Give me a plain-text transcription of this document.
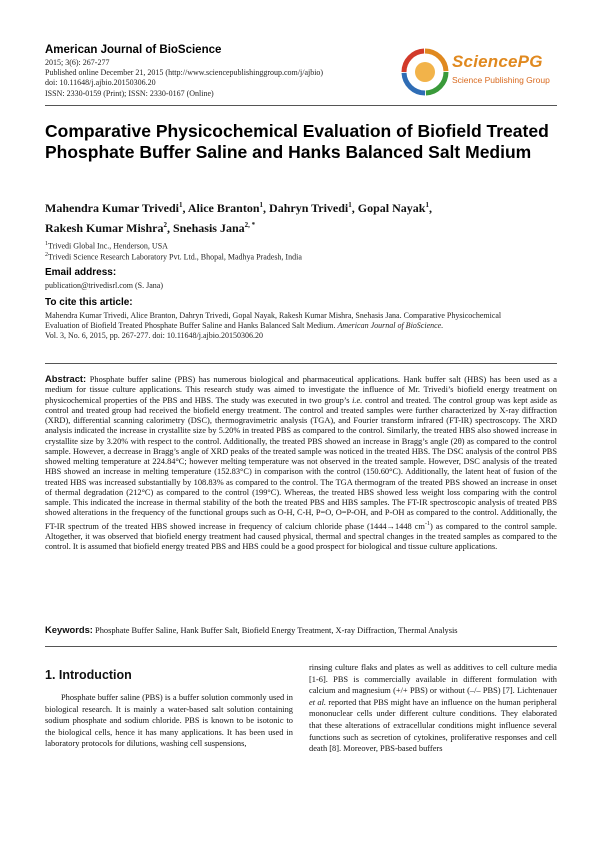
American Journal of BioScience
2015; 3(6): 267-277
Published online December 21, 2015 (http://www.sciencepublishinggroup.com/j/ajbio)
doi: 10.11648/j.ajbio.20150306.20
ISSN: 2330-0159 (Print); ISSN: 2330-0167 (Online)
SciencePG
Science Publishing Group
Comparative Physicochemical Evaluation of Biofield Treated Phosphate Buffer Saline and Hanks Balanced Salt Medium
Mahendra Kumar Trivedi$^1$, Alice Branton$^1$, Dahryn Trivedi$^1$, Gopal Nayak$^1$,
Rakesh Kumar Mishra$^2$, Snehasis Jana$^{2, *}$
$^1$Trivedi Global Inc., Henderson, USA
$^2$Trivedi Science Research Laboratory Pvt. Ltd., Bhopal, Madhya Pradesh, India
Email address:
publication@trivedisrl.com (S. Jana)
To cite this article:
Mahendra Kumar Trivedi, Alice Branton, Dahryn Trivedi, Gopal Nayak, Rakesh Kumar Mishra, Snehasis Jana. Comparative Physicochemical
Evaluation of Biofield Treated Phosphate Buffer Saline and Hanks Balanced Salt Medium. American Journal of BioScience.
Vol. 3, No. 6, 2015, pp. 267-277. doi: 10.11648/j.ajbio.20150306.20
Abstract: Phosphate buffer saline (PBS) has numerous biological and pharmaceutical applications. Hank buffer salt (HBS) has been used as a medium for tissue culture applications. This research study was aimed to investigate the influence of Mr. Trivedi’s biofield energy treatment on physicochemical properties of the PBS and HBS. The study was executed in two group’s i.e. control and treated. The control group was kept aside as control and treated group had received the biofield energy treatment. The control and treated samples were further characterized by X-ray diffraction (XRD), differential scanning calorimetry (DSC), thermogravimetric analysis (TGA), and Fourier transform infrared (FT-IR) spectroscopy. The XRD analysis indicated the increase in crystallite size by 5.20% in treated PBS as compared to the control. Similarly, the treated HBS also showed increase in crystallite size by 3.20% with respect to the control. Additionally, the treated PBS showed an increase in Bragg’s angle (2θ) as compared to the control sample. However, a decrease in Bragg’s angle of XRD peaks of the treated sample was noticed in the treated HBS. The DSC analysis of the control PBS showed melting temperature at 224.84°C; however melting temperature was not observed in the treated sample. However, DSC analysis of the treated HBS showed an increase in melting temperature (152.83°C) in comparison with the control (150.60°C). Additionally, the latent heat of fusion of the treated HBS was increased substantially by 108.83% as compared to the control. The TGA thermogram of the treated PBS showed an increase in onset of thermal degradation (212°C) as compared to the control (199°C). Whereas, the treated HBS showed less weight loss comparing with the control sample. This indicated the increase in thermal stability of the both the treated PBS and HBS samples. The FT-IR spectroscopic analysis of treated PBS showed alterations in the frequency of the functional groups such as O-H, C-H, P=O, O=P-OH, and P-OH as compared to the control. Additionally, the FT-IR spectrum of the treated HBS showed increase in frequency of calcium chloride phase (1444→1448 $cm^{-1}$) as compared to the control sample. Altogether, it was observed that biofield energy treatment had caused physical, thermal and spectral changes in the treated samples as compared to the control. It is assumed that biofield energy treated PBS and HBS could be a good prospect for biological and tissue culture applications.
Keywords: Phosphate Buffer Saline, Hank Buffer Salt, Biofield Energy Treatment, X-ray Diffraction, Thermal Analysis
1. Introduction
Phosphate buffer saline (PBS) is a buffer solution commonly used in biological research. It is mainly a water-based salt solution containing sodium phosphate and sodium chloride. PBS is known to be isotonic to the biological cells, hence it has many applications. It has been used in laboratory protocols for dilutions, washing cell suspensions,
rinsing culture flaks and plates as well as additives to cell culture media [1-6]. PBS is commercially available in different formulation with calcium and magnesium (+/+ PBS) or without (–/– PBS) [7]. Lichtenauer et al. reported that PBS might have an influence on the human peripheral mononuclear cells under different culture conditions. They elaborated that these alterations of extracellular conditions might influence several functions such as secretion of cytokines, proliferative responses and cell death [8]. Moreover, PBS-based buffers
